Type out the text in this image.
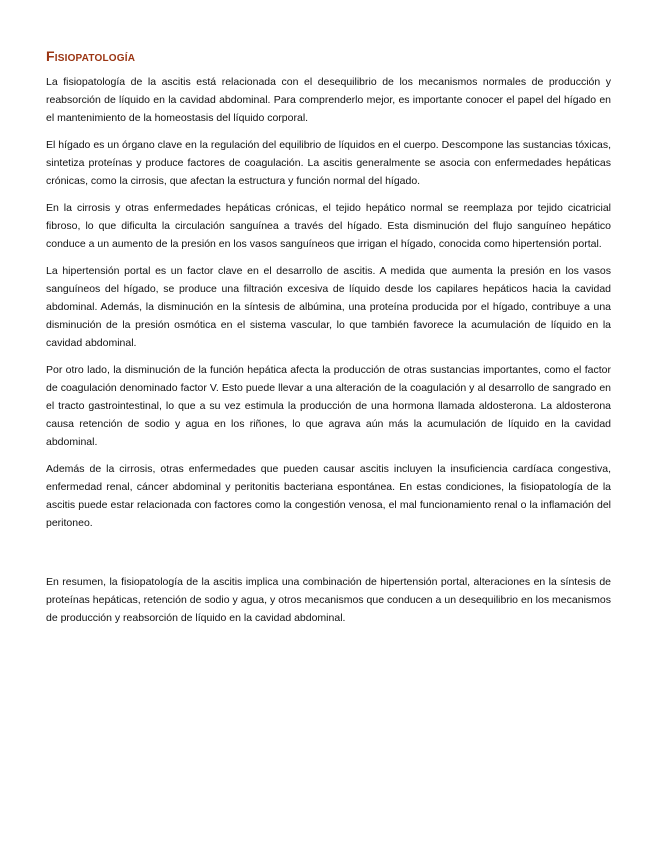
Fisiopatología

La fisiopatología de la ascitis está relacionada con el desequilibrio de los mecanismos normales de producción y reabsorción de líquido en la cavidad abdominal. Para comprenderlo mejor, es importante conocer el papel del hígado en el mantenimiento de la homeostasis del líquido corporal.

El hígado es un órgano clave en la regulación del equilibrio de líquidos en el cuerpo. Descompone las sustancias tóxicas, sintetiza proteínas y produce factores de coagulación. La ascitis generalmente se asocia con enfermedades hepáticas crónicas, como la cirrosis, que afectan la estructura y función normal del hígado.

En la cirrosis y otras enfermedades hepáticas crónicas, el tejido hepático normal se reemplaza por tejido cicatricial fibroso, lo que dificulta la circulación sanguínea a través del hígado. Esta disminución del flujo sanguíneo hepático conduce a un aumento de la presión en los vasos sanguíneos que irrigan el hígado, conocida como hipertensión portal.

La hipertensión portal es un factor clave en el desarrollo de ascitis. A medida que aumenta la presión en los vasos sanguíneos del hígado, se produce una filtración excesiva de líquido desde los capilares hepáticos hacia la cavidad abdominal. Además, la disminución en la síntesis de albúmina, una proteína producida por el hígado, contribuye a una disminución de la presión osmótica en el sistema vascular, lo que también favorece la acumulación de líquido en la cavidad abdominal.

Por otro lado, la disminución de la función hepática afecta la producción de otras sustancias importantes, como el factor de coagulación denominado factor V. Esto puede llevar a una alteración de la coagulación y al desarrollo de sangrado en el tracto gastrointestinal, lo que a su vez estimula la producción de una hormona llamada aldosterona. La aldosterona causa retención de sodio y agua en los riñones, lo que agrava aún más la acumulación de líquido en la cavidad abdominal.

Además de la cirrosis, otras enfermedades que pueden causar ascitis incluyen la insuficiencia cardíaca congestiva, enfermedad renal, cáncer abdominal y peritonitis bacteriana espontánea. En estas condiciones, la fisiopatología de la ascitis puede estar relacionada con factores como la congestión venosa, el mal funcionamiento renal o la inflamación del peritoneo.

En resumen, la fisiopatología de la ascitis implica una combinación de hipertensión portal, alteraciones en la síntesis de proteínas hepáticas, retención de sodio y agua, y otros mecanismos que conducen a un desequilibrio en los mecanismos de producción y reabsorción de líquido en la cavidad abdominal.
